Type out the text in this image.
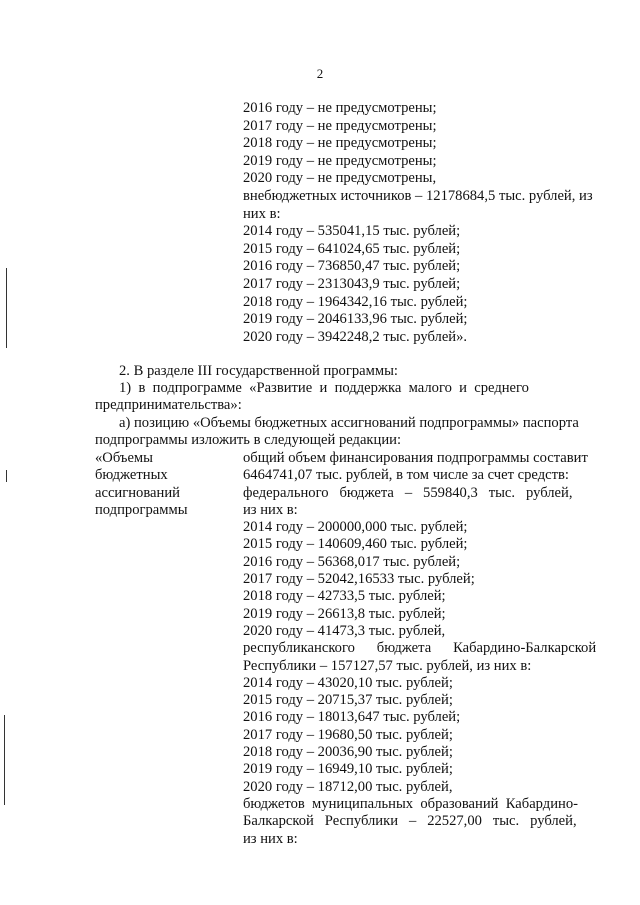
2
2016 году – не предусмотрены;
2017 году – не предусмотрены;
2018 году – не предусмотрены;
2019 году – не предусмотрены;
2020 году – не предусмотрены,
внебюджетных источников – 12178684,5 тыс. рублей, из
них в:
2014 году – 535041,15 тыс. рублей;
2015 году – 641024,65 тыс. рублей;
2016 году – 736850,47 тыс. рублей;
2017 году – 2313043,9 тыс. рублей;
2018 году – 1964342,16 тыс. рублей;
2019 году – 2046133,96 тыс. рублей;
2020 году – 3942248,2 тыс. рублей».
2. В разделе III государственной программы:
1)  в  подпрограмме  «Развитие  и  поддержка  малого  и  среднего
предпринимательства»:
а) позицию «Объемы бюджетных ассигнований подпрограммы» паспорта
подпрограммы изложить в следующей редакции:
«Объемы
бюджетных
ассигнований
подпрограммы
общий объем финансирования подпрограммы составит
6464741,07 тыс. рублей, в том числе за счет средств:
федерального   бюджета   –   559840,3   тыс.   рублей,
из них в:
2014 году – 200000,000 тыс. рублей;
2015 году – 140609,460 тыс. рублей;
2016 году – 56368,017 тыс. рублей;
2017 году – 52042,16533 тыс. рублей;
2018 году – 42733,5 тыс. рублей;
2019 году – 26613,8 тыс. рублей;
2020 году – 41473,3 тыс. рублей,
республиканского      бюджета      Кабардино-Балкарской
Республики – 157127,57 тыс. рублей, из них в:
2014 году – 43020,10 тыс. рублей;
2015 году – 20715,37 тыс. рублей;
2016 году – 18013,647 тыс. рублей;
2017 году – 19680,50 тыс. рублей;
2018 году – 20036,90 тыс. рублей;
2019 году – 16949,10 тыс. рублей;
2020 году – 18712,00 тыс. рублей,
бюджетов  муниципальных  образований  Кабардино-
Балкарской   Республики   –   22527,00   тыс.   рублей,
из них в:
